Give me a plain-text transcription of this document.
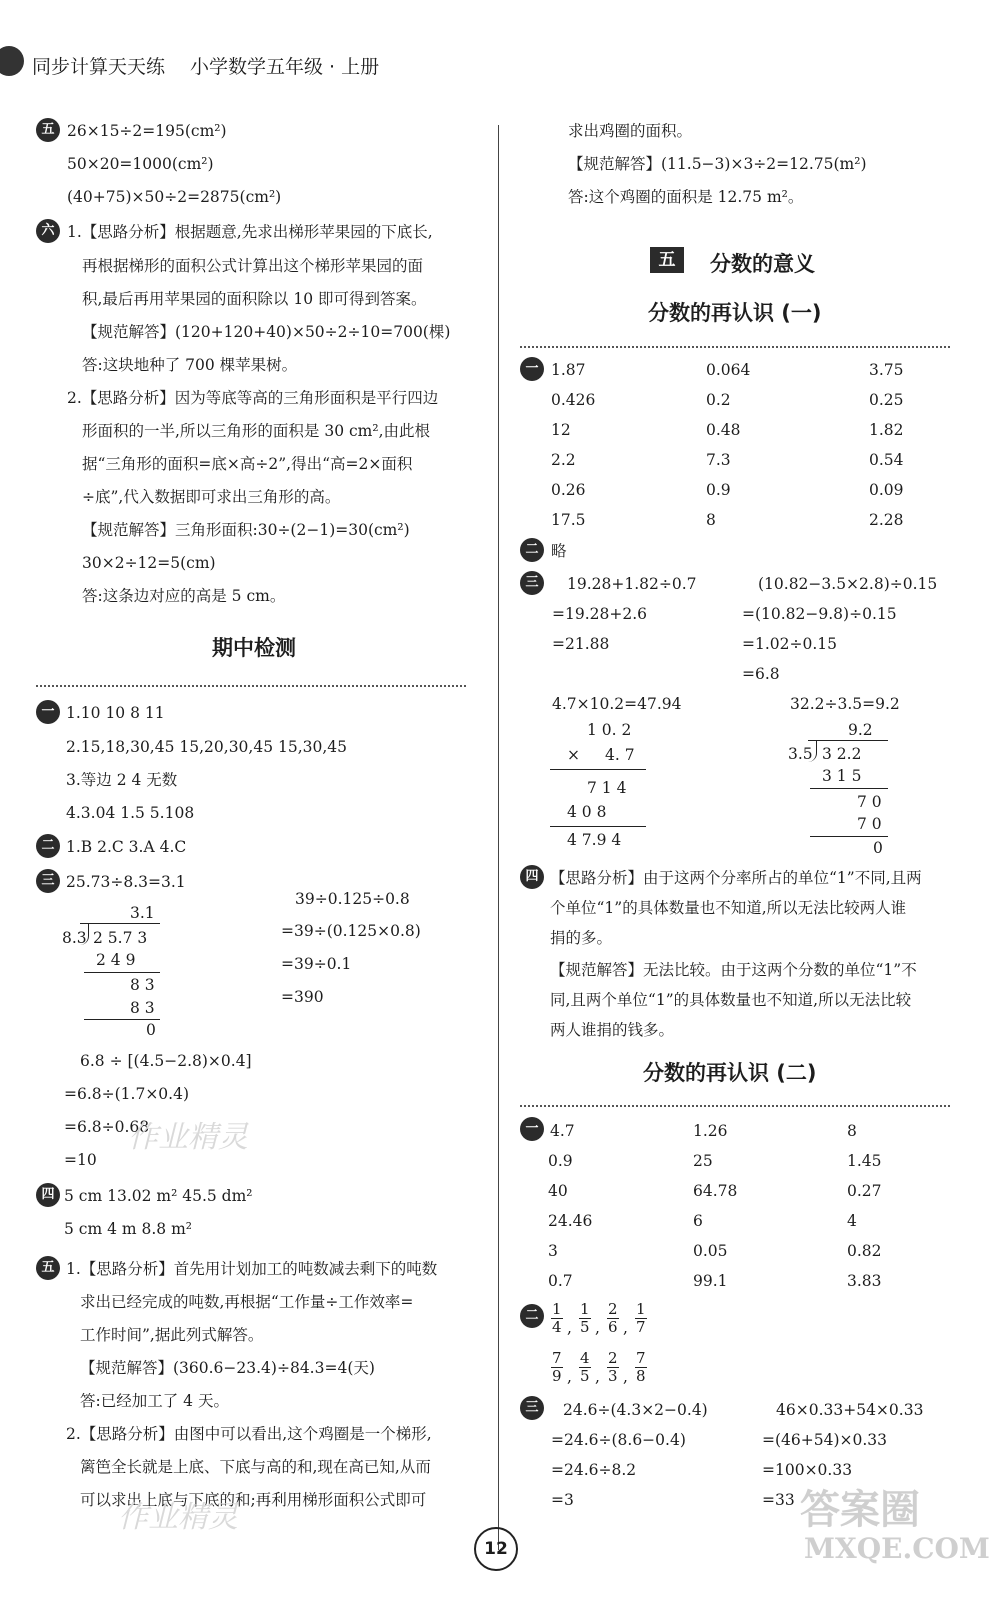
同步计算天天练 小学数学五年级 · 上册
五 26×15÷2=195(cm²)
50×20=1000(cm²)
(40+75)×50÷2=2875(cm²)
六 1.【思路分析】根据题意,先求出梯形苹果园的下底长,
再根据梯形的面积公式计算出这个梯形苹果园的面
积,最后再用苹果园的面积除以 10 即可得到答案。
【规范解答】(120+120+40)×50÷2÷10=700(棵)
答:这块地种了 700 棵苹果树。
2.【思路分析】因为等底等高的三角形面积是平行四边
形面积的一半,所以三角形的面积是 30 cm²,由此根
据“三角形的面积=底×高÷2”,得出“高=2×面积
÷底”,代入数据即可求出三角形的高。
【规范解答】三角形面积:30÷(2−1)=30(cm²)
30×2÷12=5(cm)
答:这条边对应的高是 5 cm。
期中检测
一 1.10 10 8 11
2.15,18,30,45 15,20,30,45 15,30,45
3.等边 2 4 无数
4.3.04 1.5 5.108
二 1.B 2.C 3.A 4.C
三 25.73÷8.3=3.1
3.1
8.3 2 5.7 3
2 4 9
8 3
8 3
0
39÷0.125÷0.8
=39÷(0.125×0.8)
=39÷0.1
=390
6.8 ÷ [(4.5−2.8)×0.4]
=6.8÷(1.7×0.4)
=6.8÷0.68
=10
四 5 cm 13.02 m² 45.5 dm²
5 cm 4 m 8.8 m²
五 1.【思路分析】首先用计划加工的吨数减去剩下的吨数
求出已经完成的吨数,再根据“工作量÷工作效率=
工作时间”,据此列式解答。
【规范解答】(360.6−23.4)÷84.3=4(天)
答:已经加工了 4 天。
2.【思路分析】由图中可以看出,这个鸡圈是一个梯形,
篱笆全长就是上底、下底与高的和,现在高已知,从而
可以求出上底与下底的和;再利用梯形面积公式即可
求出鸡圈的面积。
【规范解答】(11.5−3)×3÷2=12.75(m²)
答:这个鸡圈的面积是 12.75 m²。
五	分数的意义
分数的再认识 (一)
一 1.87	0.064	3.75
0.426	0.2	0.25
12	0.48	1.82
2.2	7.3	0.54
0.26	0.9	0.09
17.5	8	2.28
二 略
三	19.28+1.82÷0.7
=19.28+2.6
=21.88
(10.82−3.5×2.8)÷0.15
=(10.82−9.8)÷0.15
=1.02÷0.15
=6.8
4.7×10.2=47.94
1 0. 2
× 4. 7
7 1 4
4 0 8
4 7.9 4
32.2÷3.5=9.2
9.2
3.5 3 2.2
3 1 5
7 0
7 0
0
四 【思路分析】由于这两个分率所占的单位“1”不同,且两
个单位“1”的具体数量也不知道,所以无法比较两人谁
捐的多。
【规范解答】无法比较。由于这两个分数的单位“1”不
同,且两个单位“1”的具体数量也不知道,所以无法比较
两人谁捐的钱多。
分数的再认识 (二)
一 4.7	1.26	8
0.9	25	1.45
40	64.78	0.27
24.46	6	4
3	0.05	0.82
0.7	99.1	3.83
二 $\frac{1}{4}$ , $\frac{1}{5}$ , $\frac{2}{6}$ , $\frac{1}{7}$
$\frac{7}{9}$ , $\frac{4}{5}$ , $\frac{2}{3}$ , $\frac{7}{8}$
三	24.6÷(4.3×2−0.4)
=24.6÷(8.6−0.4)
=24.6÷8.2
=3
46×0.33+54×0.33
=(46+54)×0.33
=100×0.33
=33
12
作业精灵
作业精灵	答案圈
MXQE.COM
